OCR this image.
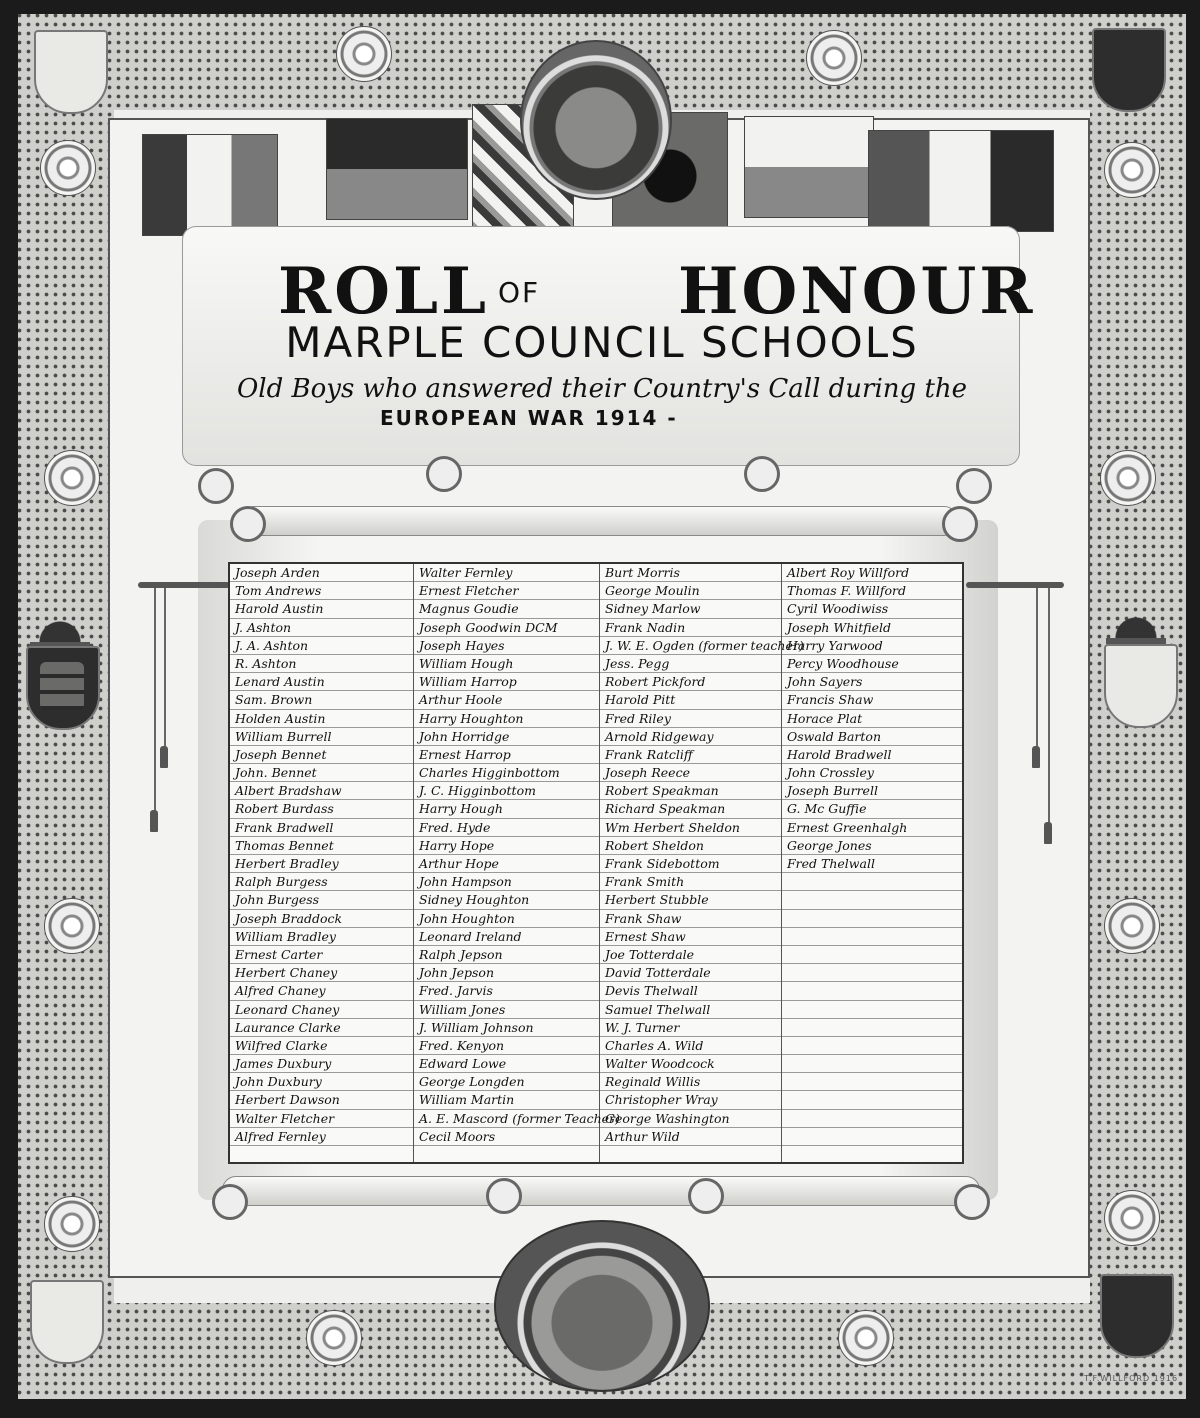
ROLL OF HONOUR
MARPLE COUNCIL SCHOOLS
Old Boys who answered their Country's Call during the
EUROPEAN WAR 1914 -
Joseph Arden
Tom Andrews
Harold Austin
J. Ashton
J. A. Ashton
R. Ashton
Lenard Austin
Sam. Brown
Holden Austin
William Burrell
Joseph Bennet
John. Bennet
Albert Bradshaw
Robert Burdass
Frank Bradwell
Thomas Bennet
Herbert Bradley
Ralph Burgess
John Burgess
Joseph Braddock
William Bradley
Ernest Carter
Herbert Chaney
Alfred Chaney
Leonard Chaney
Laurance Clarke
Wilfred Clarke
James Duxbury
John Duxbury
Herbert Dawson
Walter Fletcher
Alfred Fernley
Walter Fernley
Ernest Fletcher
Magnus Goudie
Joseph Goodwin DCM
Joseph Hayes
William Hough
William Harrop
Arthur Hoole
Harry Houghton
John Horridge
Ernest Harrop
Charles Higginbottom
J. C. Higginbottom
Harry Hough
Fred. Hyde
Harry Hope
Arthur Hope
John Hampson
Sidney Houghton
John Houghton
Leonard Ireland
Ralph Jepson
John Jepson
Fred. Jarvis
William Jones
J. William Johnson
Fred. Kenyon
Edward Lowe
George Longden
William Martin
A. E. Mascord (former Teacher)
Cecil Moors
Burt Morris
George Moulin
Sidney Marlow
Frank Nadin
J. W. E. Ogden (former teacher)
Jess. Pegg
Robert Pickford
Harold Pitt
Fred Riley
Arnold Ridgeway
Frank Ratcliff
Joseph Reece
Robert Speakman
Richard Speakman
Wm Herbert Sheldon
Robert Sheldon
Frank Sidebottom
Frank Smith
Herbert Stubble
Frank Shaw
Ernest Shaw
Joe Totterdale
David Totterdale
Devis Thelwall
Samuel Thelwall
W. J. Turner
Charles A. Wild
Walter Woodcock
Reginald Willis
Christopher Wray
George Washington
Arthur Wild
Albert Roy Willford
Thomas F. Willford
Cyril Woodiwiss
Joseph Whitfield
Harry Yarwood
Percy Woodhouse
John Sayers
Francis Shaw
Horace Plat
Oswald Barton
Harold Bradwell
John Crossley
Joseph Burrell
G. Mc Guffie
Ernest Greenhalgh
George Jones
Fred Thelwall
T.F.WILLFORD 1916
